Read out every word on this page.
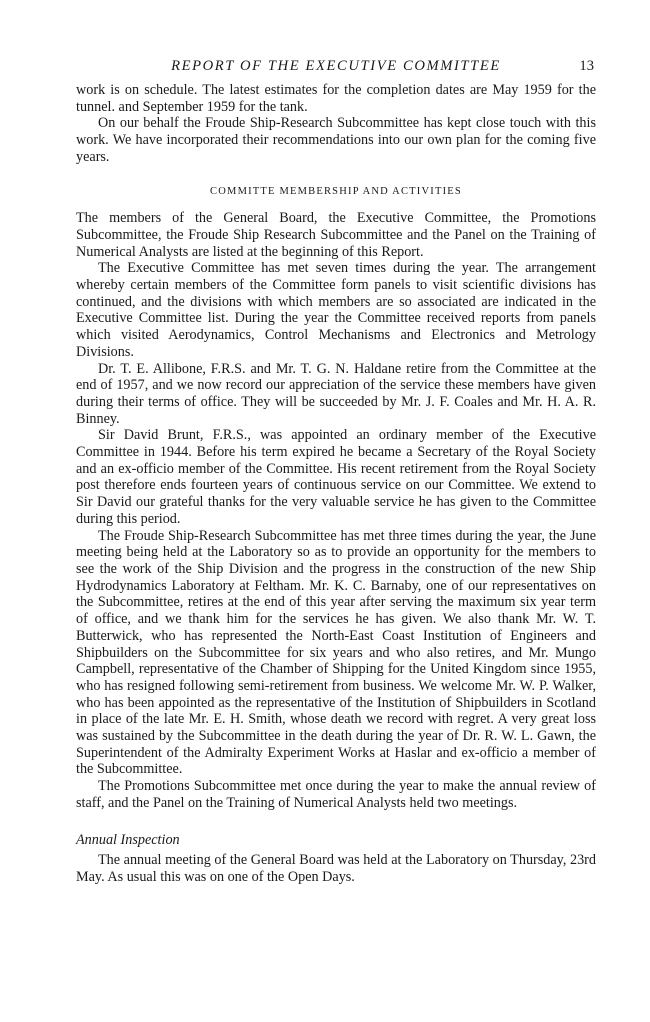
REPORT OF THE EXECUTIVE COMMITTEE	13

work is on schedule. The latest estimates for the completion dates are May 1959 for the tunnel. and September 1959 for the tank.

On our behalf the Froude Ship-Research Subcommittee has kept close touch with this work. We have incorporated their recommendations into our own plan for the coming five years.

COMMITTE MEMBERSHIP AND ACTIVITIES

The members of the General Board, the Executive Committee, the Promotions Subcommittee, the Froude Ship Research Subcommittee and the Panel on the Training of Numerical Analysts are listed at the beginning of this Report.

The Executive Committee has met seven times during the year. The arrangement whereby certain members of the Committee form panels to visit scientific divisions has continued, and the divisions with which members are so associated are indicated in the Executive Committee list. During the year the Committee received reports from panels which visited Aerodynamics, Control Mechanisms and Electronics and Metrology Divisions.

Dr. T. E. Allibone, F.R.S. and Mr. T. G. N. Haldane retire from the Committee at the end of 1957, and we now record our appreciation of the service these members have given during their terms of office. They will be succeeded by Mr. J. F. Coales and Mr. H. A. R. Binney.

Sir David Brunt, F.R.S., was appointed an ordinary member of the Executive Committee in 1944. Before his term expired he became a Secretary of the Royal Society and an ex-officio member of the Committee. His recent retirement from the Royal Society post therefore ends fourteen years of continuous service on our Committee. We extend to Sir David our grateful thanks for the very valuable service he has given to the Committee during this period.

The Froude Ship-Research Subcommittee has met three times during the year, the June meeting being held at the Laboratory so as to provide an opportunity for the members to see the work of the Ship Division and the progress in the construction of the new Ship Hydrodynamics Laboratory at Feltham. Mr. K. C. Barnaby, one of our representatives on the Subcommittee, retires at the end of this year after serving the maximum six year term of office, and we thank him for the services he has given. We also thank Mr. W. T. Butterwick, who has represented the North-East Coast Institution of Engineers and Shipbuilders on the Subcommittee for six years and who also retires, and Mr. Mungo Campbell, representative of the Chamber of Shipping for the United Kingdom since 1955, who has resigned following semi-retirement from business. We welcome Mr. W. P. Walker, who has been appointed as the representative of the Institution of Shipbuilders in Scotland in place of the late Mr. E. H. Smith, whose death we record with regret. A very great loss was sustained by the Subcommittee in the death during the year of Dr. R. W. L. Gawn, the Superintendent of the Admiralty Experiment Works at Haslar and ex-officio a member of the Subcommittee.

The Promotions Subcommittee met once during the year to make the annual review of staff, and the Panel on the Training of Numerical Analysts held two meetings.

Annual Inspection

The annual meeting of the General Board was held at the Laboratory on Thursday, 23rd May. As usual this was on one of the Open Days.
